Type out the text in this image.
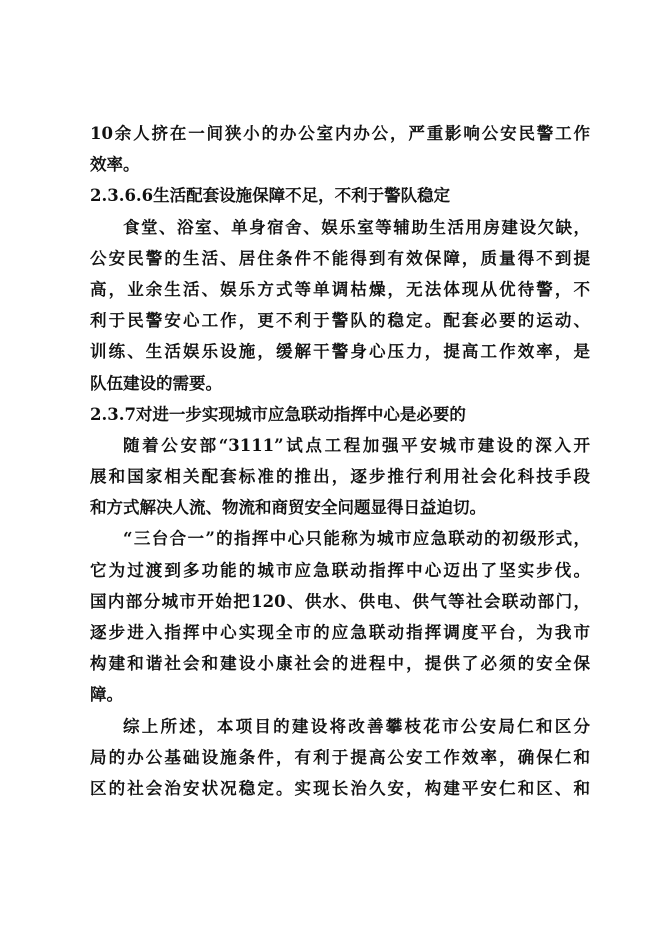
10余人挤在一间狭小的办公室内办公，严重影响公安民警工作
效率。
2.3.6.6生活配套设施保障不足，不利于警队稳定
食堂、浴室、单身宿舍、娱乐室等辅助生活用房建设欠缺，
公安民警的生活、居住条件不能得到有效保障，质量得不到提
高，业余生活、娱乐方式等单调枯燥，无法体现从优待警，不
利于民警安心工作，更不利于警队的稳定。配套必要的运动、
训练、生活娱乐设施，缓解干警身心压力，提高工作效率，是
队伍建设的需要。
2.3.7对进一步实现城市应急联动指挥中心是必要的
随着公安部“3111”试点工程加强平安城市建设的深入开
展和国家相关配套标准的推出，逐步推行利用社会化科技手段
和方式解决人流、物流和商贸安全问题显得日益迫切。
“三台合一”的指挥中心只能称为城市应急联动的初级形式，
它为过渡到多功能的城市应急联动指挥中心迈出了坚实步伐。
国内部分城市开始把120、供水、供电、供气等社会联动部门，
逐步进入指挥中心实现全市的应急联动指挥调度平台，为我市
构建和谐社会和建设小康社会的进程中，提供了必须的安全保
障。
综上所述，本项目的建设将改善攀枝花市公安局仁和区分
局的办公基础设施条件，有利于提高公安工作效率，确保仁和
区的社会治安状况稳定。实现长治久安，构建平安仁和区、和
